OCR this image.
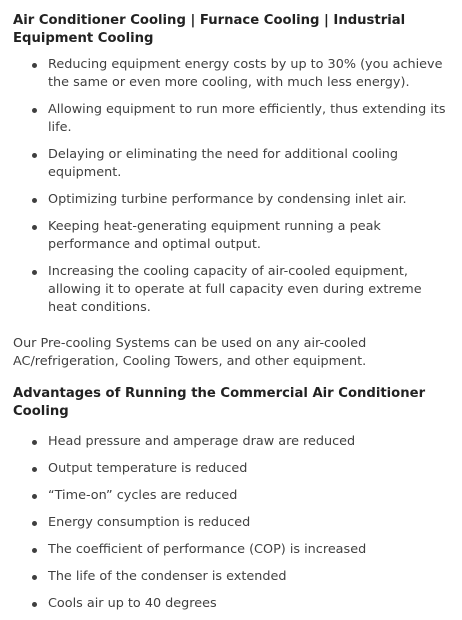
Air Conditioner Cooling | Furnace Cooling | Industrial Equipment Cooling
Reducing equipment energy costs by up to 30% (you achieve the same or even more cooling, with much less energy).
Allowing equipment to run more efficiently, thus extending its life.
Delaying or eliminating the need for additional cooling equipment.
Optimizing turbine performance by condensing inlet air.
Keeping heat-generating equipment running a peak performance and optimal output.
Increasing the cooling capacity of air-cooled equipment, allowing it to operate at full capacity even during extreme heat conditions.

Our Pre-cooling Systems can be used on any air-cooled AC/refrigeration, Cooling Towers, and other equipment.

Advantages of Running the Commercial Air Conditioner Cooling
Head pressure and amperage draw are reduced
Output temperature is reduced
“Time-on” cycles are reduced
Energy consumption is reduced
The coefficient of performance (COP) is increased
The life of the condenser is extended
Cools air up to 40 degrees
